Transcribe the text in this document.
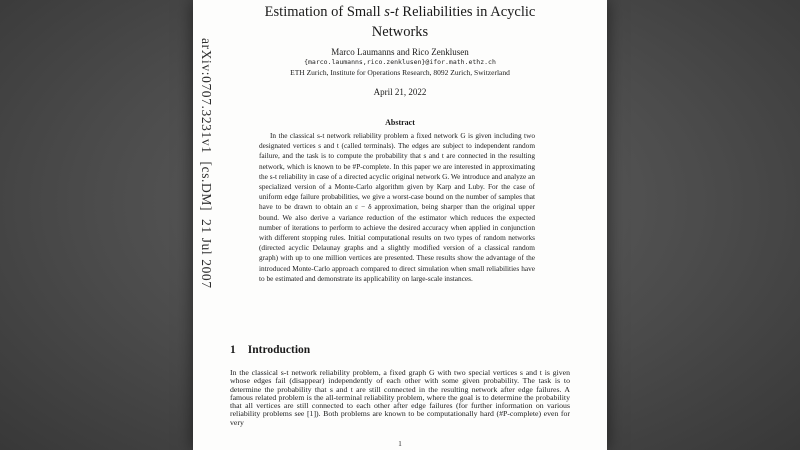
arXiv:0707.3231v1  [cs.DM]  21 Jul 2007
Estimation of Small s-t Reliabilities in Acyclic
Networks
Marco Laumanns and Rico Zenklusen
{marco.laumanns,rico.zenklusen}@ifor.math.ethz.ch
ETH Zurich, Institute for Operations Research, 8092 Zurich, Switzerland
April 21, 2022
Abstract

In the classical s-t network reliability problem a fixed network G is given including two designated vertices s and t (called terminals). The edges are subject to independent random failure, and the task is to compute the probability that s and t are connected in the resulting network, which is known to be #P-complete. In this paper we are interested in approximating the s-t reliability in case of a directed acyclic original network G. We introduce and analyze an specialized version of a Monte-Carlo algorithm given by Karp and Luby. For the case of uniform edge failure probabilities, we give a worst-case bound on the number of samples that have to be drawn to obtain an ε − δ approximation, being sharper than the original upper bound. We also derive a variance reduction of the estimator which reduces the expected number of iterations to perform to achieve the desired accuracy when applied in conjunction with different stopping rules. Initial computational results on two types of random networks (directed acyclic Delaunay graphs and a slightly modified version of a classical random graph) with up to one million vertices are presented. These results show the advantage of the introduced Monte-Carlo approach compared to direct simulation when small reliabilities have to be estimated and demonstrate its applicability on large-scale instances.

1 Introduction

In the classical s-t network reliability problem, a fixed graph G with two special vertices s and t is given whose edges fail (disappear) independently of each other with some given probability. The task is to determine the probability that s and t are still connected in the resulting network after edge failures. A famous related problem is the all-terminal reliability problem, where the goal is to determine the probability that all vertices are still connected to each other after edge failures (for further information on various reliability problems see [1]). Both problems are known to be computationally hard (#P-complete) even for very

1
